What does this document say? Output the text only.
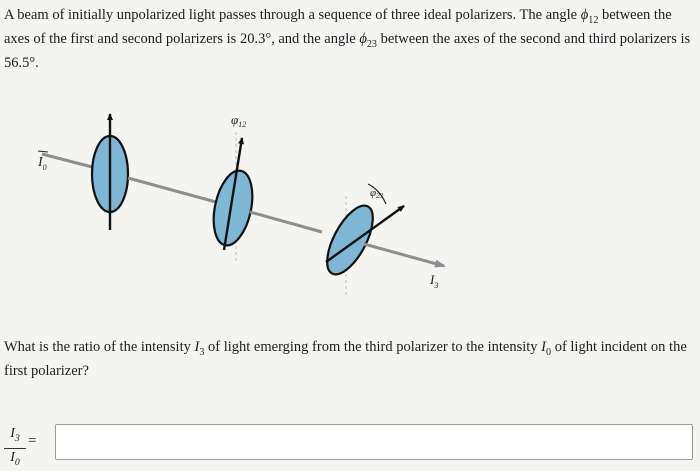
A beam of initially unpolarized light passes through a sequence of three ideal polarizers. The angle $\phi_{12}$ between the axes of the first and second polarizers is 20.3°, and the angle $\phi_{23}$ between the axes of the second and third polarizers is 56.5°.
$\varphi_{12}$
φ23
$I_0$
$I_3$
What is the ratio of the intensity $I_3$ of light emerging from the third polarizer to the intensity $I_0$ of light incident on the first polarizer?
$\frac{I_3}{I_0}$ =
